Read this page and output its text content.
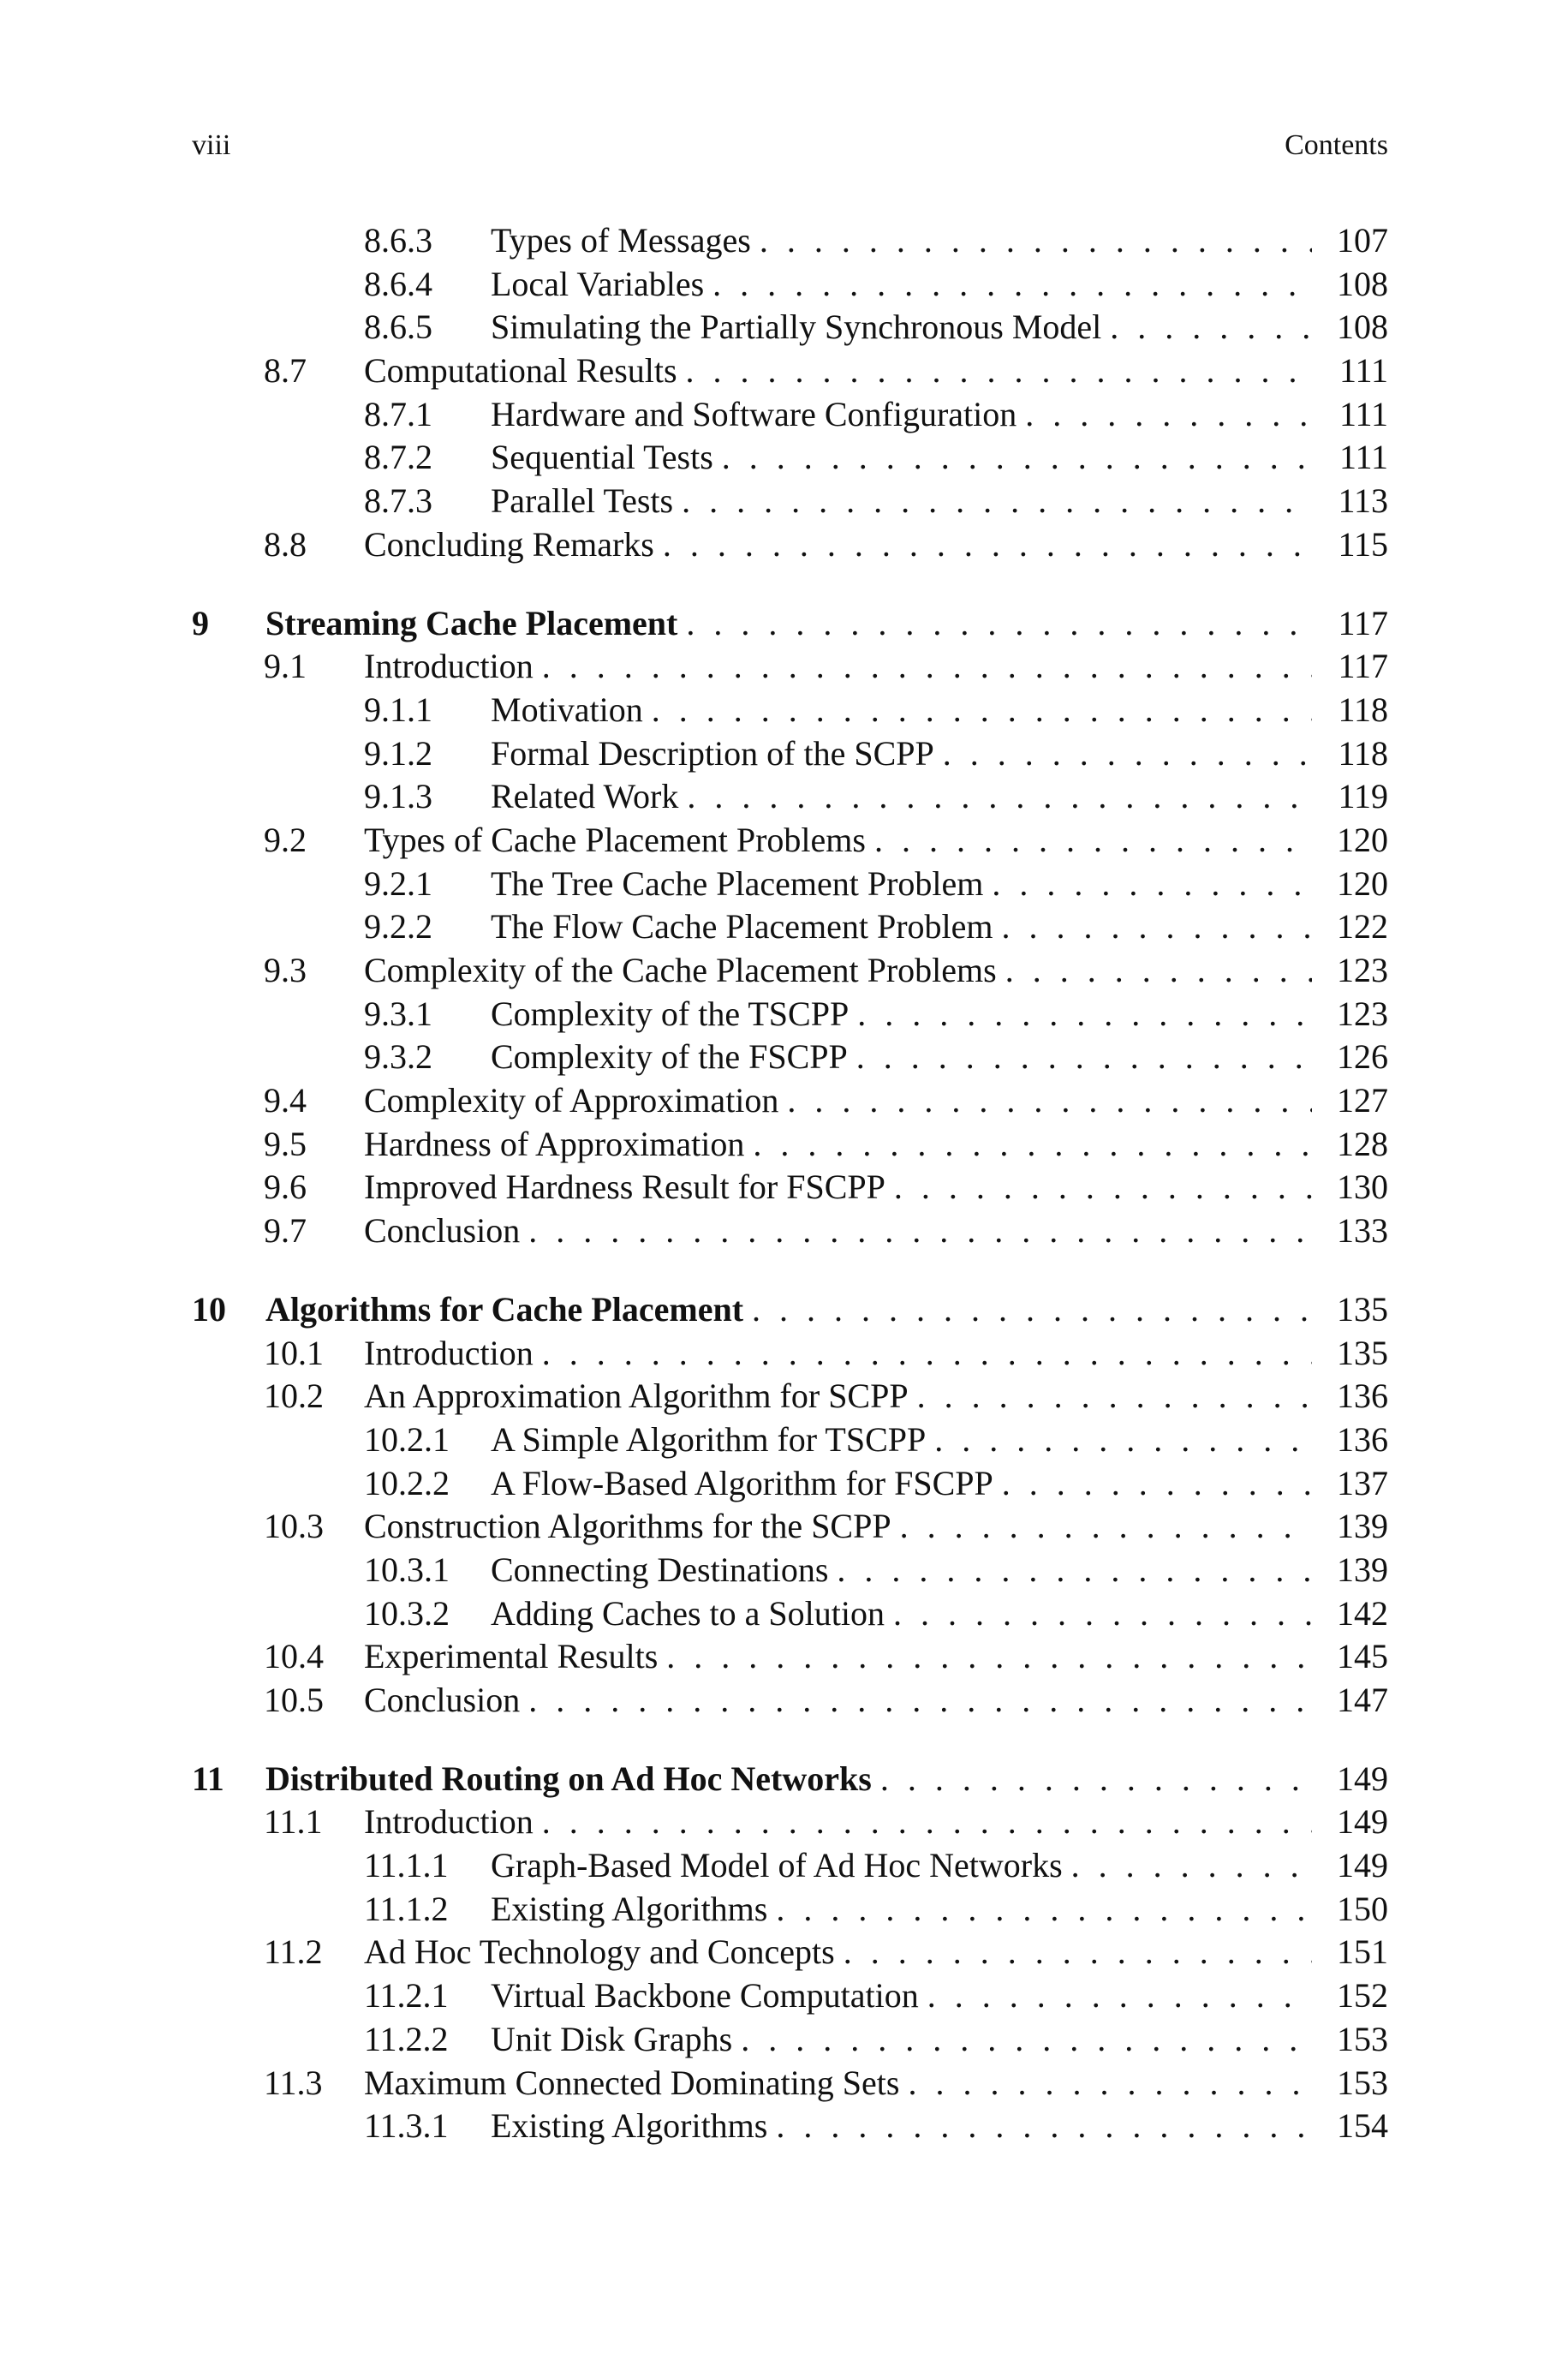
viii	Contents
8.6.3 Types of Messages . . .	107
8.6.4 Local Variables . . .	108
8.6.5 Simulating the Partially Synchronous Model . . .	108
8.7 Computational Results . . .	111
8.7.1 Hardware and Software Configuration . . .	111
8.7.2 Sequential Tests . . .	111
8.7.3 Parallel Tests . . .	113
8.8 Concluding Remarks . . .	115
9 Streaming Cache Placement . . .	117
9.1 Introduction . . .	117
9.1.1 Motivation . . .	118
9.1.2 Formal Description of the SCPP . . .	118
9.1.3 Related Work . . .	119
9.2 Types of Cache Placement Problems . . .	120
9.2.1 The Tree Cache Placement Problem . . .	120
9.2.2 The Flow Cache Placement Problem . . .	122
9.3 Complexity of the Cache Placement Problems . . .	123
9.3.1 Complexity of the TSCPP . . .	123
9.3.2 Complexity of the FSCPP . . .	126
9.4 Complexity of Approximation . . .	127
9.5 Hardness of Approximation . . .	128
9.6 Improved Hardness Result for FSCPP . . .	130
9.7 Conclusion . . .	133
10 Algorithms for Cache Placement . . .	135
10.1 Introduction . . .	135
10.2 An Approximation Algorithm for SCPP . . .	136
10.2.1 A Simple Algorithm for TSCPP . . .	136
10.2.2 A Flow-Based Algorithm for FSCPP . . .	137
10.3 Construction Algorithms for the SCPP . . .	139
10.3.1 Connecting Destinations . . .	139
10.3.2 Adding Caches to a Solution . . .	142
10.4 Experimental Results . . .	145
10.5 Conclusion . . .	147
11 Distributed Routing on Ad Hoc Networks . . .	149
11.1 Introduction . . .	149
11.1.1 Graph-Based Model of Ad Hoc Networks . . .	149
11.1.2 Existing Algorithms . . .	150
11.2 Ad Hoc Technology and Concepts . . .	151
11.2.1 Virtual Backbone Computation . . .	152
11.2.2 Unit Disk Graphs . . .	153
11.3 Maximum Connected Dominating Sets . . .	153
11.3.1 Existing Algorithms . . .	154
